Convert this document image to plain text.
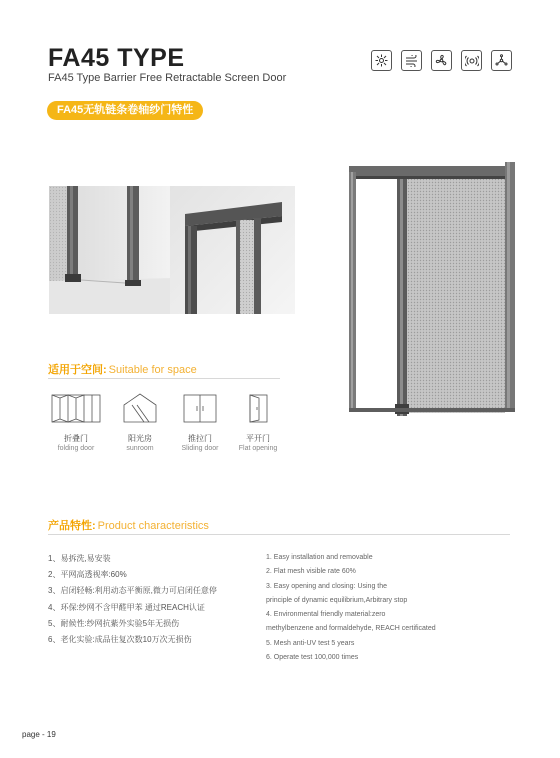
FA45 TYPE
FA45 Type Barrier Free Retractable Screen Door
FA45无轨链条卷轴纱门特性
适用于空间: Suitable for space
折叠门
folding door
阳光房
sunroom
推拉门
Sliding door
平开门
Flat opening
产品特性: Product characteristics
1、易拆洗,易安装
2、平网高透视率:60%
3、启闭轻畅:利用动态平衡原,微力可启闭任意停
4、环保:纱网不含甲醛甲苯 通过REACH认证
5、耐候性:纱网抗紫外实验5年无损伤
6、老化实验:成品往复次数10万次无损伤
1. Easy installation and removable
2. Flat mesh visible rate 60%
3. Easy opening and closing: Using the
principle of dynamic equilibrium,Arbitrary stop
4. Environmental friendly material:zero
methylbenzene and formaldehyde, REACH certificated
5. Mesh anti-UV test 5 years
6. Operate test 100,000 times
page - 19
